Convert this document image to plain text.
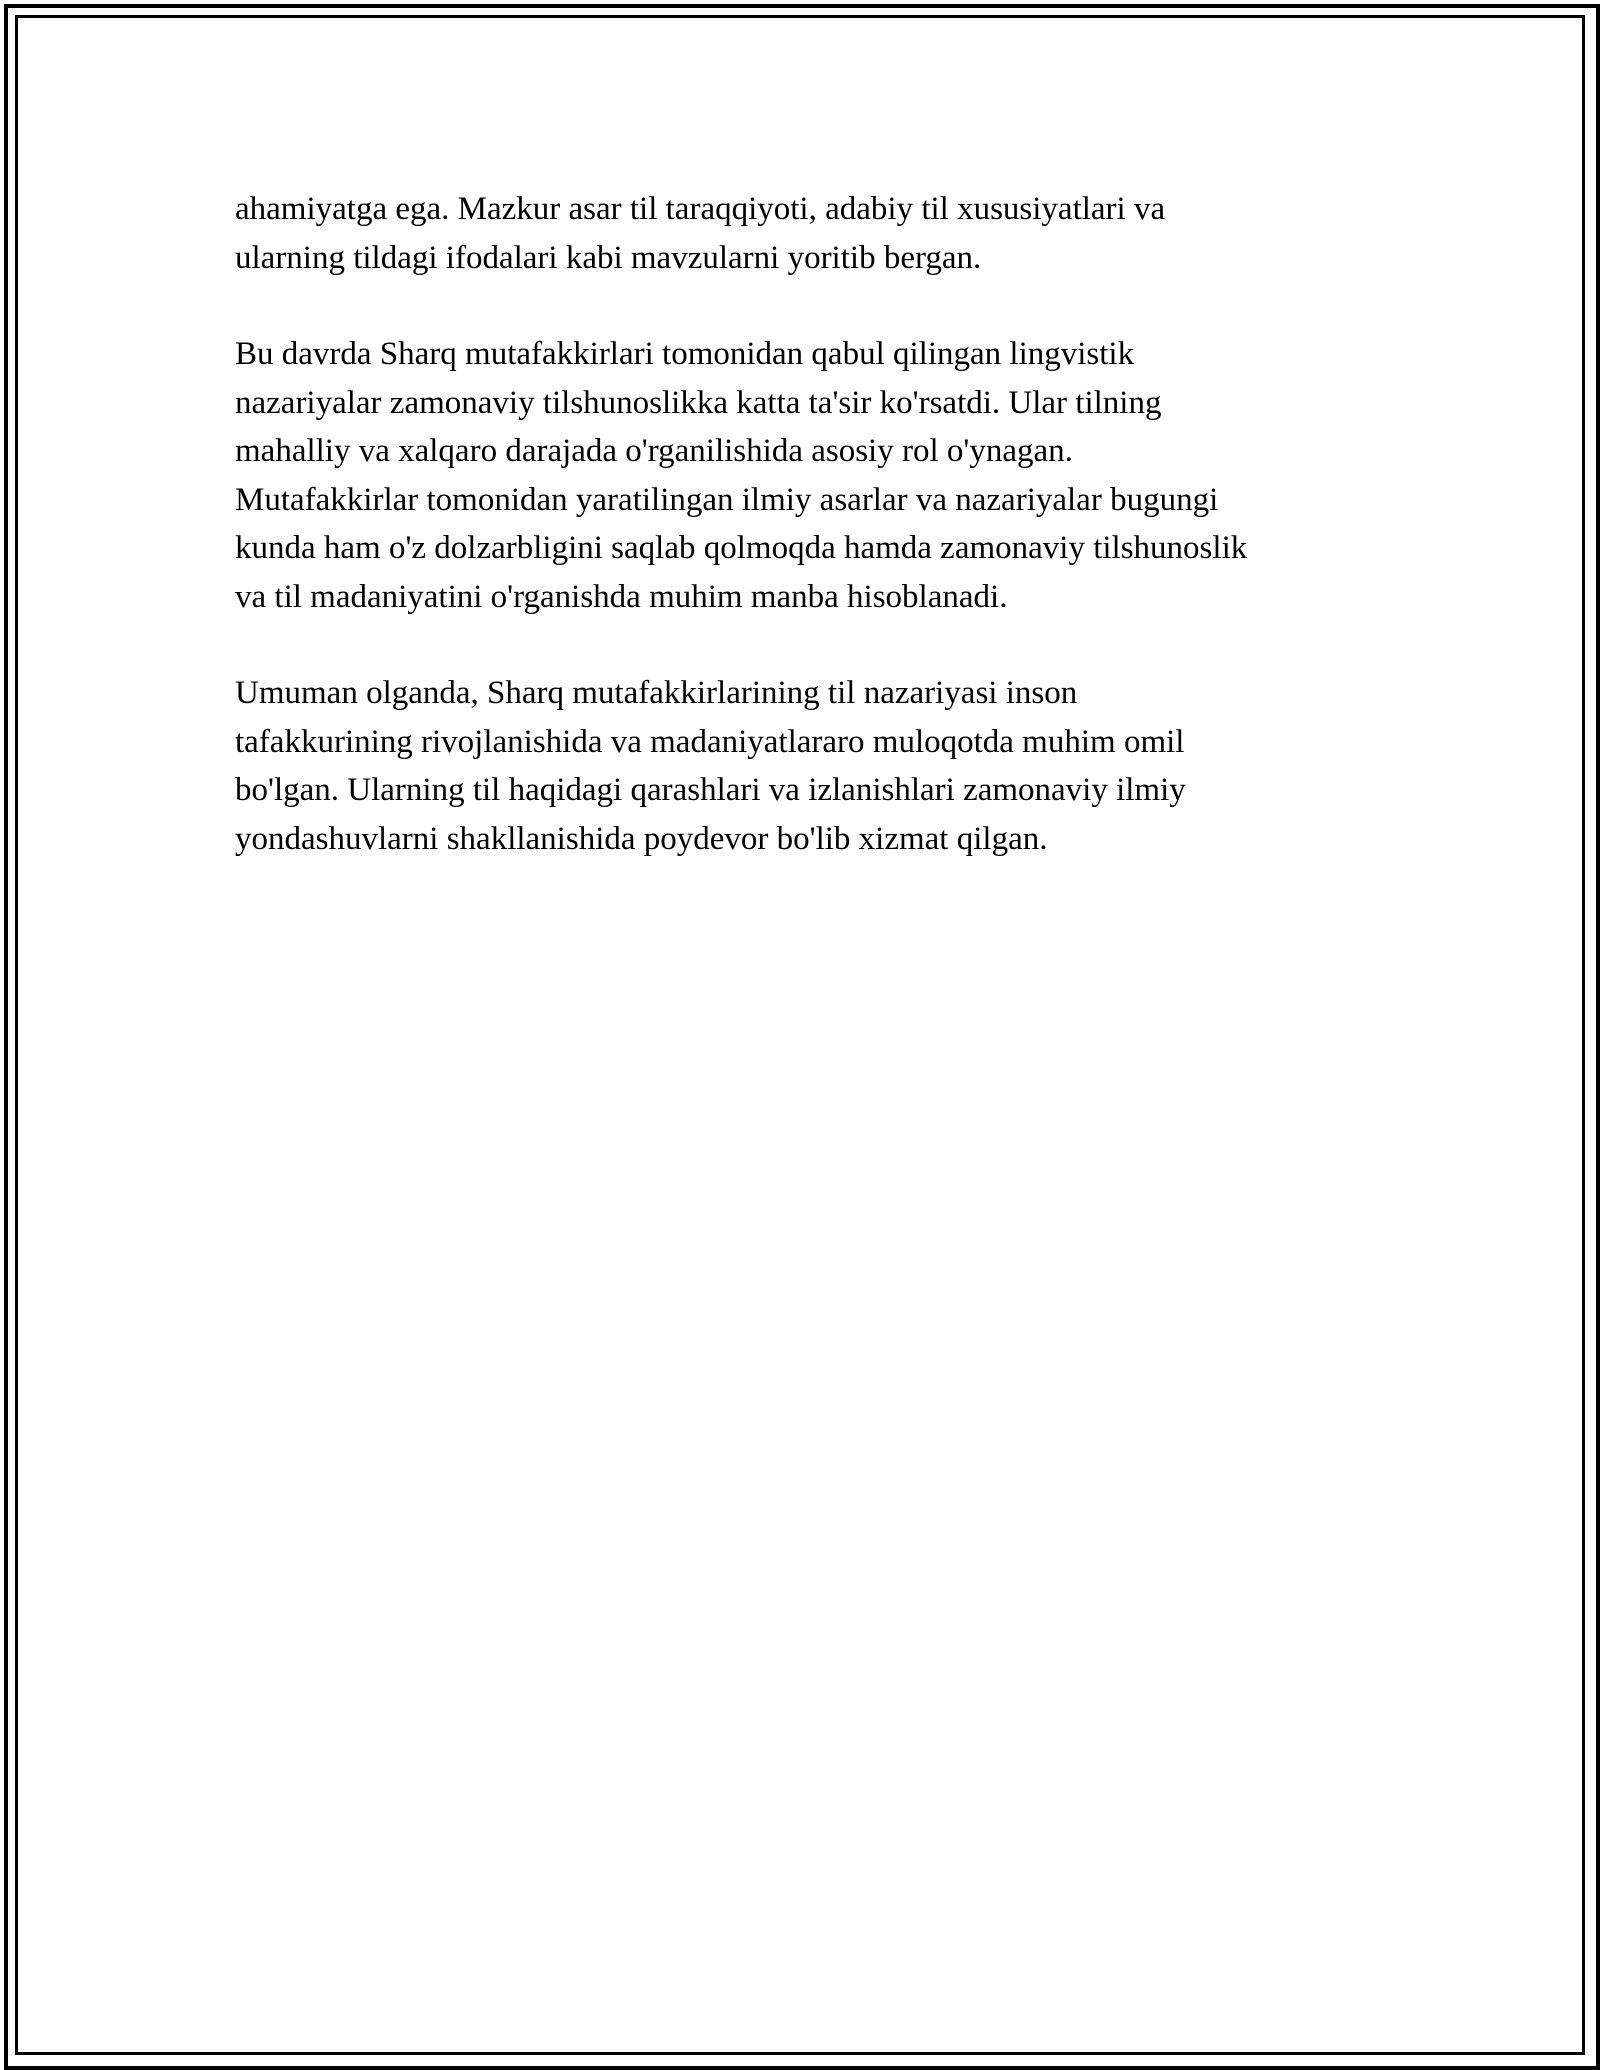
ahamiyatga ega. Mazkur asar til taraqqiyoti, adabiy til xususiyatlari va
ularning tildagi ifodalari kabi mavzularni yoritib bergan.

Bu davrda Sharq mutafakkirlari tomonidan qabul qilingan lingvistik
nazariyalar zamonaviy tilshunoslikka katta ta'sir ko'rsatdi. Ular tilning
mahalliy va xalqaro darajada o'rganilishida asosiy rol o'ynagan.
Mutafakkirlar tomonidan yaratilingan ilmiy asarlar va nazariyalar bugungi
kunda ham o'z dolzarbligini saqlab qolmoqda hamda zamonaviy tilshunoslik
va til madaniyatini o'rganishda muhim manba hisoblanadi.

Umuman olganda, Sharq mutafakkirlarining til nazariyasi inson
tafakkurining rivojlanishida va madaniyatlararo muloqotda muhim omil
bo'lgan. Ularning til haqidagi qarashlari va izlanishlari zamonaviy ilmiy
yondashuvlarni shakllanishida poydevor bo'lib xizmat qilgan.
